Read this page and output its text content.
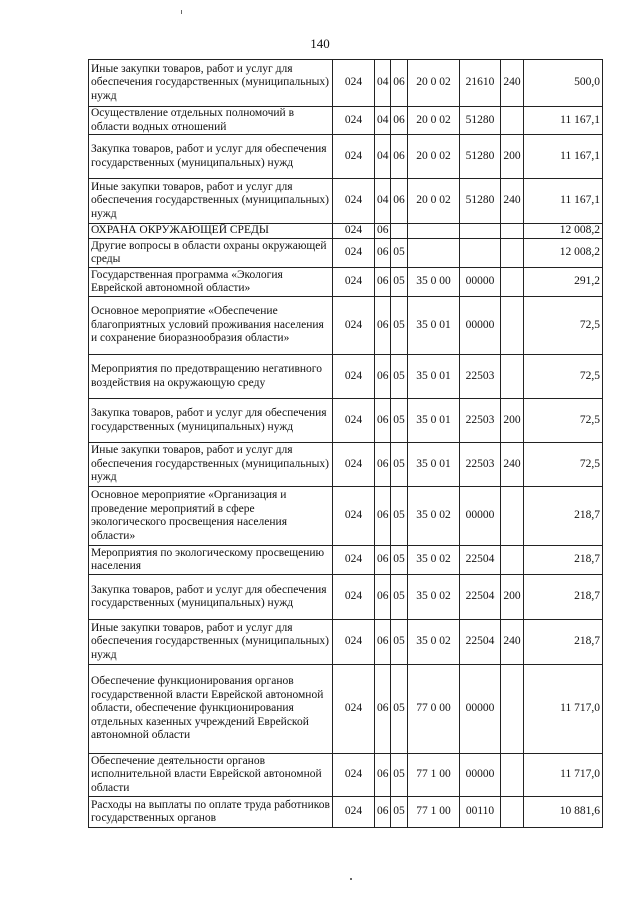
140
Иные закупки товаров, работ и услуг для обеспечения государственных (муниципальных) нужд	024	04	06	20 0 02	21610	240	500,0
Осуществление отдельных полномочий в области водных отношений	024	04	06	20 0 02	51280		11 167,1
Закупка товаров, работ и услуг для обеспечения государственных (муниципальных) нужд	024	04	06	20 0 02	51280	200	11 167,1
Иные закупки товаров, работ и услуг для обеспечения государственных (муниципальных) нужд	024	04	06	20 0 02	51280	240	11 167,1
ОХРАНА ОКРУЖАЮЩЕЙ СРЕДЫ	024	06					12 008,2
Другие вопросы в области охраны окружающей среды	024	06	05				12 008,2
Государственная программа «Экология Еврейской автономной области»	024	06	05	35 0 00	00000		291,2
Основное мероприятие «Обеспечение благоприятных условий проживания населения и сохранение биоразнообразия области»	024	06	05	35 0 01	00000		72,5
Мероприятия по предотвращению негативного воздействия на окружающую среду	024	06	05	35 0 01	22503		72,5
Закупка товаров, работ и услуг для обеспечения государственных (муниципальных) нужд	024	06	05	35 0 01	22503	200	72,5
Иные закупки товаров, работ и услуг для обеспечения государственных (муниципальных) нужд	024	06	05	35 0 01	22503	240	72,5
Основное мероприятие «Организация и проведение мероприятий в сфере экологического просвещения населения области»	024	06	05	35 0 02	00000		218,7
Мероприятия по экологическому просвещению населения	024	06	05	35 0 02	22504		218,7
Закупка товаров, работ и услуг для обеспечения государственных (муниципальных) нужд	024	06	05	35 0 02	22504	200	218,7
Иные закупки товаров, работ и услуг для обеспечения государственных (муниципальных) нужд	024	06	05	35 0 02	22504	240	218,7
Обеспечение функционирования органов государственной власти Еврейской автономной области, обеспечение функционирования отдельных казенных учреждений Еврейской автономной области	024	06	05	77 0 00	00000		11 717,0
Обеспечение деятельности органов исполнительной власти Еврейской автономной области	024	06	05	77 1 00	00000		11 717,0
Расходы на выплаты по оплате труда работников государственных органов	024	06	05	77 1 00	00110		10 881,6
